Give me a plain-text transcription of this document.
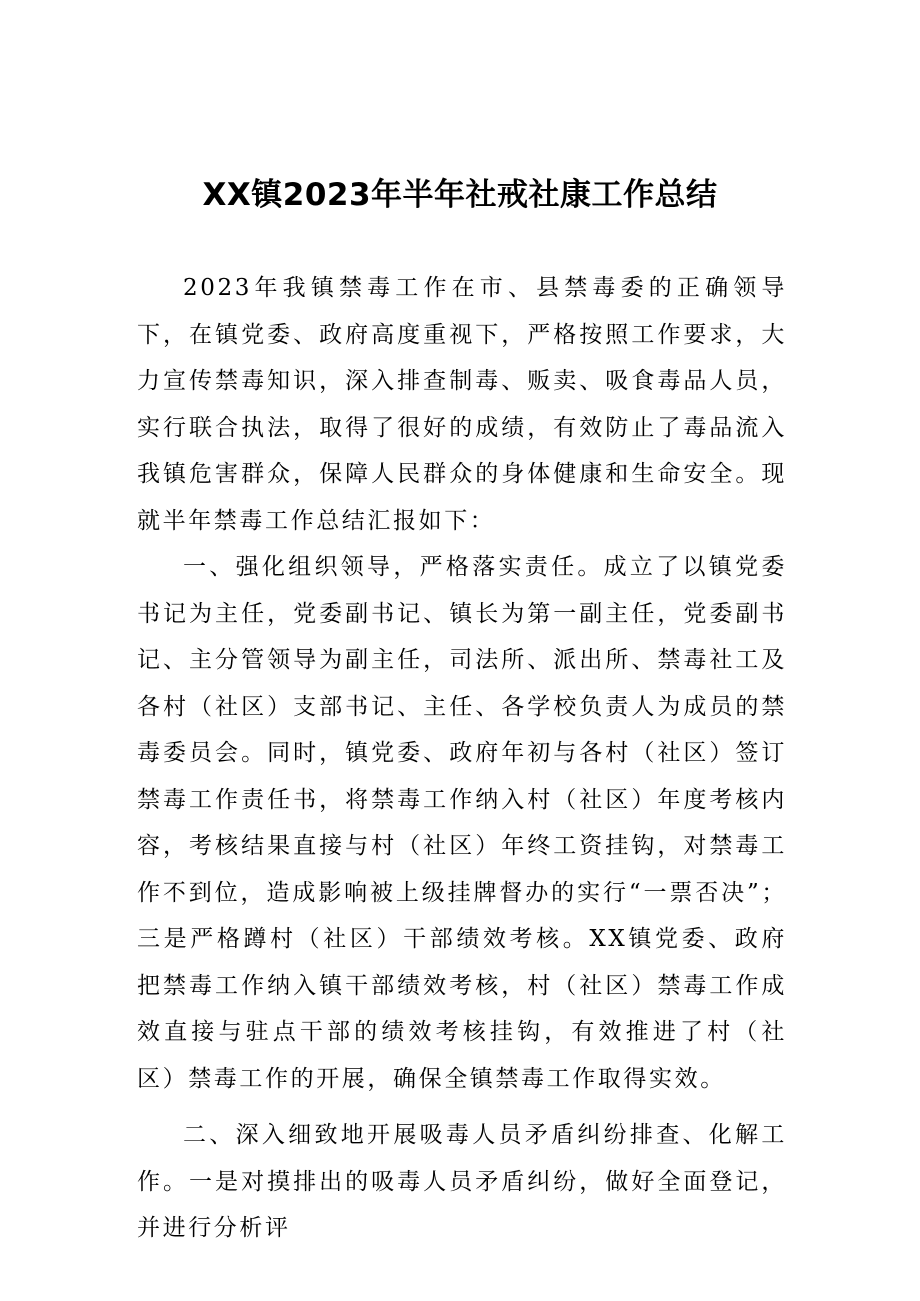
XX镇2023年半年社戒社康工作总结

2023年我镇禁毒工作在市、县禁毒委的正确领导下，在镇党委、政府高度重视下，严格按照工作要求，大力宣传禁毒知识，深入排查制毒、贩卖、吸食毒品人员，实行联合执法，取得了很好的成绩，有效防止了毒品流入我镇危害群众，保障人民群众的身体健康和生命安全。现就半年禁毒工作总结汇报如下：

一、强化组织领导，严格落实责任。成立了以镇党委书记为主任，党委副书记、镇长为第一副主任，党委副书记、主分管领导为副主任，司法所、派出所、禁毒社工及各村（社区）支部书记、主任、各学校负责人为成员的禁毒委员会。同时，镇党委、政府年初与各村（社区）签订禁毒工作责任书，将禁毒工作纳入村（社区）年度考核内容，考核结果直接与村（社区）年终工资挂钩，对禁毒工作不到位，造成影响被上级挂牌督办的实行“一票否决”；三是严格蹲村（社区）干部绩效考核。XX镇党委、政府把禁毒工作纳入镇干部绩效考核，村（社区）禁毒工作成效直接与驻点干部的绩效考核挂钩，有效推进了村（社区）禁毒工作的开展，确保全镇禁毒工作取得实效。

二、深入细致地开展吸毒人员矛盾纠纷排查、化解工作。一是对摸排出的吸毒人员矛盾纠纷，做好全面登记，并进行分析评
